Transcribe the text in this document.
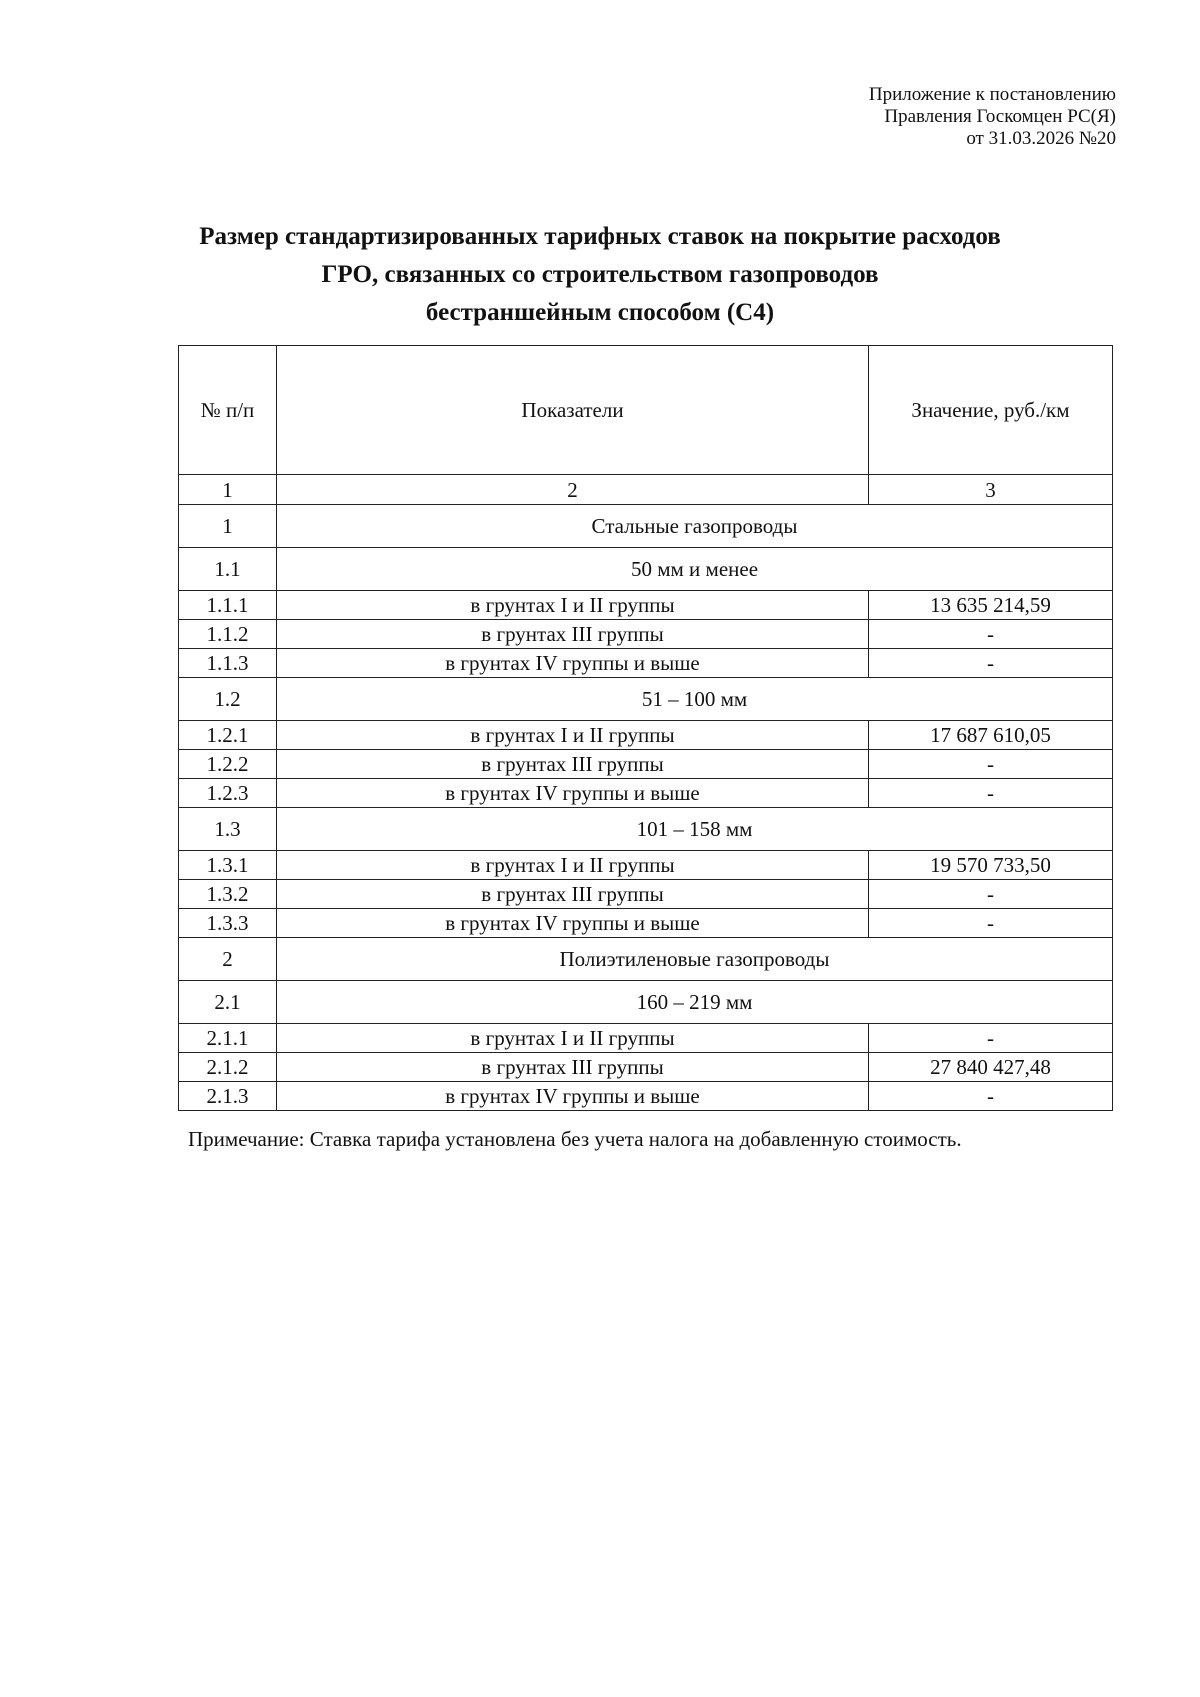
Приложение к постановлению
Правления Госкомцен РС(Я)
от 31.03.2026 №20
Размер стандартизированных тарифных ставок на покрытие расходов
ГРО, связанных со строительством газопроводов
бестраншейным способом (С4)
№ п/п	Показатели	Значение, руб./км
1	2	3
1	Стальные газопроводы	
1.1	50 мм и менее	
1.1.1	в грунтах I и II группы	13 635 214,59
1.1.2	в грунтах III группы	-
1.1.3	в грунтах IV группы и выше	-
1.2	51 – 100 мм	
1.2.1	в грунтах I и II группы	17 687 610,05
1.2.2	в грунтах III группы	-
1.2.3	в грунтах IV группы и выше	-
1.3	101 – 158 мм	
1.3.1	в грунтах I и II группы	19 570 733,50
1.3.2	в грунтах III группы	-
1.3.3	в грунтах IV группы и выше	-
2	Полиэтиленовые газопроводы	
2.1	160 – 219 мм	
2.1.1	в грунтах I и II группы	-
2.1.2	в грунтах III группы	27 840 427,48
2.1.3	в грунтах IV группы и выше	-
Примечание: Ставка тарифа установлена без учета налога на добавленную стоимость.
